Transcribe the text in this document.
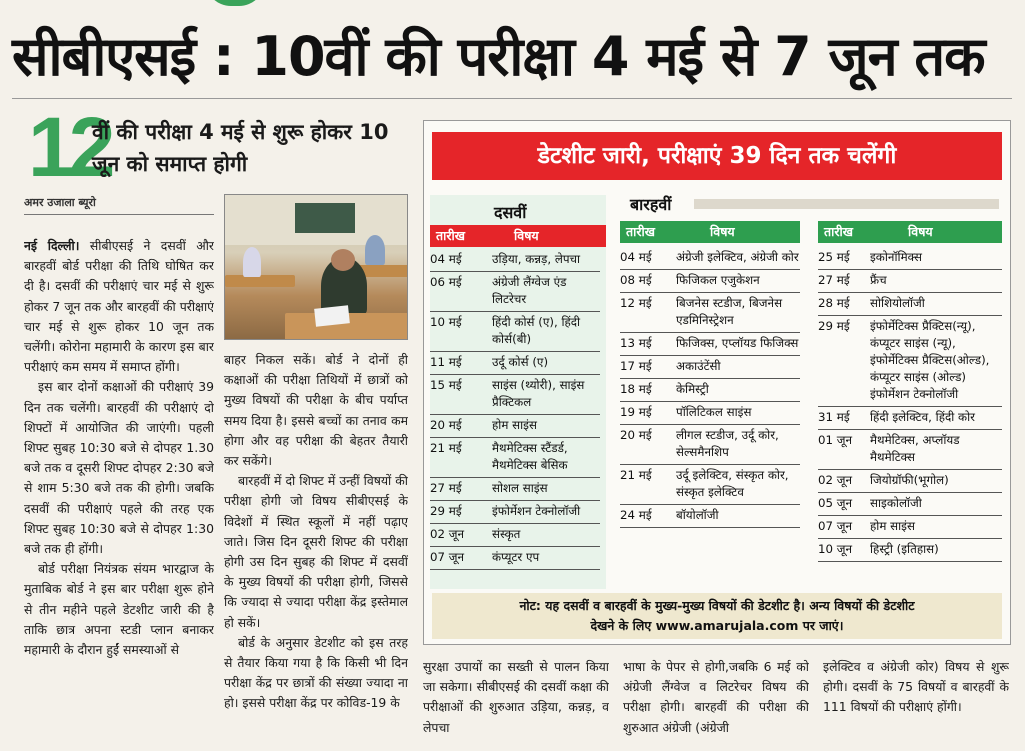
सीबीएसई : 10वीं की परीक्षा 4 मई से 7 जून तक
12
वीं की परीक्षा 4 मई से शुरू होकर 10 जून को समाप्त होगी
अमर उजाला ब्यूरो

नई दिल्ली। सीबीएसई ने दसवीं और बारहवीं बोर्ड परीक्षा की तिथि घोषित कर दी है। दसवीं की परीक्षाएं चार मई से शुरू होकर 7 जून तक और बारहवीं की परीक्षाएं चार मई से शुरू होकर 10 जून तक चलेंगी। कोरोना महामारी के कारण इस बार परीक्षाएं कम समय में समाप्त होंगी।

इस बार दोनों कक्षाओं की परीक्षाएं 39 दिन तक चलेंगी। बारहवीं की परीक्षाएं दो शिफ्टों में आयोजित की जाएंगी। पहली शिफ्ट सुबह 10:30 बजे से दोपहर 1.30 बजे तक व दूसरी शिफ्ट दोपहर 2:30 बजे से शाम 5:30 बजे तक की होगी। जबकि दसवीं की परीक्षाएं पहले की तरह एक शिफ्ट सुबह 10:30 बजे से दोपहर 1:30 बजे तक ही होंगी।

बोर्ड परीक्षा नियंत्रक संयम भारद्वाज के मुताबिक बोर्ड ने इस बार परीक्षा शुरू होने से तीन महीने पहले डेटशीट जारी की है ताकि छात्र अपना स्टडी प्लान बनाकर महामारी के दौरान हुईं समस्याओं से

बाहर निकल सकें। बोर्ड ने दोनों ही कक्षाओं की परीक्षा तिथियों में छात्रों को मुख्य विषयों की परीक्षा के बीच पर्याप्त समय दिया है। इससे बच्चों का तनाव कम होगा और वह परीक्षा की बेहतर तैयारी कर सकेंगे।

बारहवीं में दो शिफ्ट में उन्हीं विषयों की परीक्षा होगी जो विषय सीबीएसई के विदेशों में स्थित स्कूलों में नहीं पढ़ाए जाते। जिस दिन दूसरी शिफ्ट की परीक्षा होगी उस दिन सुबह की शिफ्ट में दसवीं के मुख्य विषयों की परीक्षा होगी, जिससे कि ज्यादा से ज्यादा परीक्षा केंद्र इस्तेमाल हो सकें।

बोर्ड के अनुसार डेटशीट को इस तरह से तैयार किया गया है कि किसी भी दिन परीक्षा केंद्र पर छात्रों की संख्या ज्यादा ना हो। इससे परीक्षा केंद्र पर कोविड-19 के

सुरक्षा उपायों का सख्ती से पालन किया जा सकेगा। सीबीएसई की दसवीं कक्षा की परीक्षाओं की शुरुआत उड़िया, कन्नड़, व लेपचा

भाषा के पेपर से होगी,जबकि 6 मई को अंग्रेजी लैंग्वेज व लिटरेचर विषय की परीक्षा होगी। बारहवीं की परीक्षा की शुरुआत अंग्रेजी (अंग्रेजी

इलेक्टिव व अंग्रेजी कोर) विषय से शुरू होगी। दसवीं के 75 विषयों व बारहवीं के 111 विषयों की परीक्षाएं होंगी।

डेटशीट जारी, परीक्षाएं 39 दिन तक चलेंगी
दसवीं
तारीख	विषय
04 मई	उड़िया, कन्नड़, लेपचा
06 मई	अंग्रेजी लैंग्वेज एंड लिटरेचर
10 मई	हिंदी कोर्स (ए), हिंदी कोर्स(बी)
11 मई	उर्दू कोर्स (ए)
15 मई	साइंस (थ्योरी), साइंस प्रैक्टिकल
20 मई	होम साइंस
21 मई	मैथमेटिक्स स्टैंडर्ड, मैथमेटिक्स बेसिक
27 मई	सोशल साइंस
29 मई	इंफोर्मेशन टेक्नोलॉजी
02 जून	संस्कृत
07 जून	कंप्यूटर एप
बारहवीं
तारीख	विषय
04 मई	अंग्रेजी इलेक्टिव, अंग्रेजी कोर
08 मई	फिजिकल एजुकेशन
12 मई	बिजनेस स्टडीज, बिजनेस एडमिनिस्ट्रेशन
13 मई	फिजिक्स, एप्लॉयड फिजिक्स
17 मई	अकाउंटेंसी
18 मई	केमिस्ट्री
19 मई	पॉलिटिकल साइंस
20 मई	लीगल स्टडीज, उर्दू कोर, सेल्समैनशिप
21 मई	उर्दू इलेक्टिव, संस्कृत कोर, संस्कृत इलेक्टिव
24 मई	बॉयोलॉजी
तारीख	विषय
25 मई	इकोनॉमिक्स
27 मई	फ्रैंच
28 मई	सोशियोलॉजी
29 मई	इंफोर्मेटिक्स प्रैक्टिस(न्यू), कंप्यूटर साइंस (न्यू), इंफोर्मेटिक्स प्रैक्टिस(ओल्ड), कंप्यूटर साइंस (ओल्ड) इंफोर्मेशन टेक्नोलॉजी
31 मई	हिंदी इलेक्टिव, हिंदी कोर
01 जून	मैथमेटिक्स, अप्लॉयड मैथमेटिक्स
02 जून	जियोग्रॉफी(भूगोल)
05 जून	साइकोलॉजी
07 जून	होम साइंस
10 जून	हिस्ट्री (इतिहास)
नोट: यह दसवीं व बारहवीं के मुख्य-मुख्य विषयों की डेटशीट है। अन्य विषयों की डेटशीट
देखने के लिए www.amarujala.com पर जाएं।
